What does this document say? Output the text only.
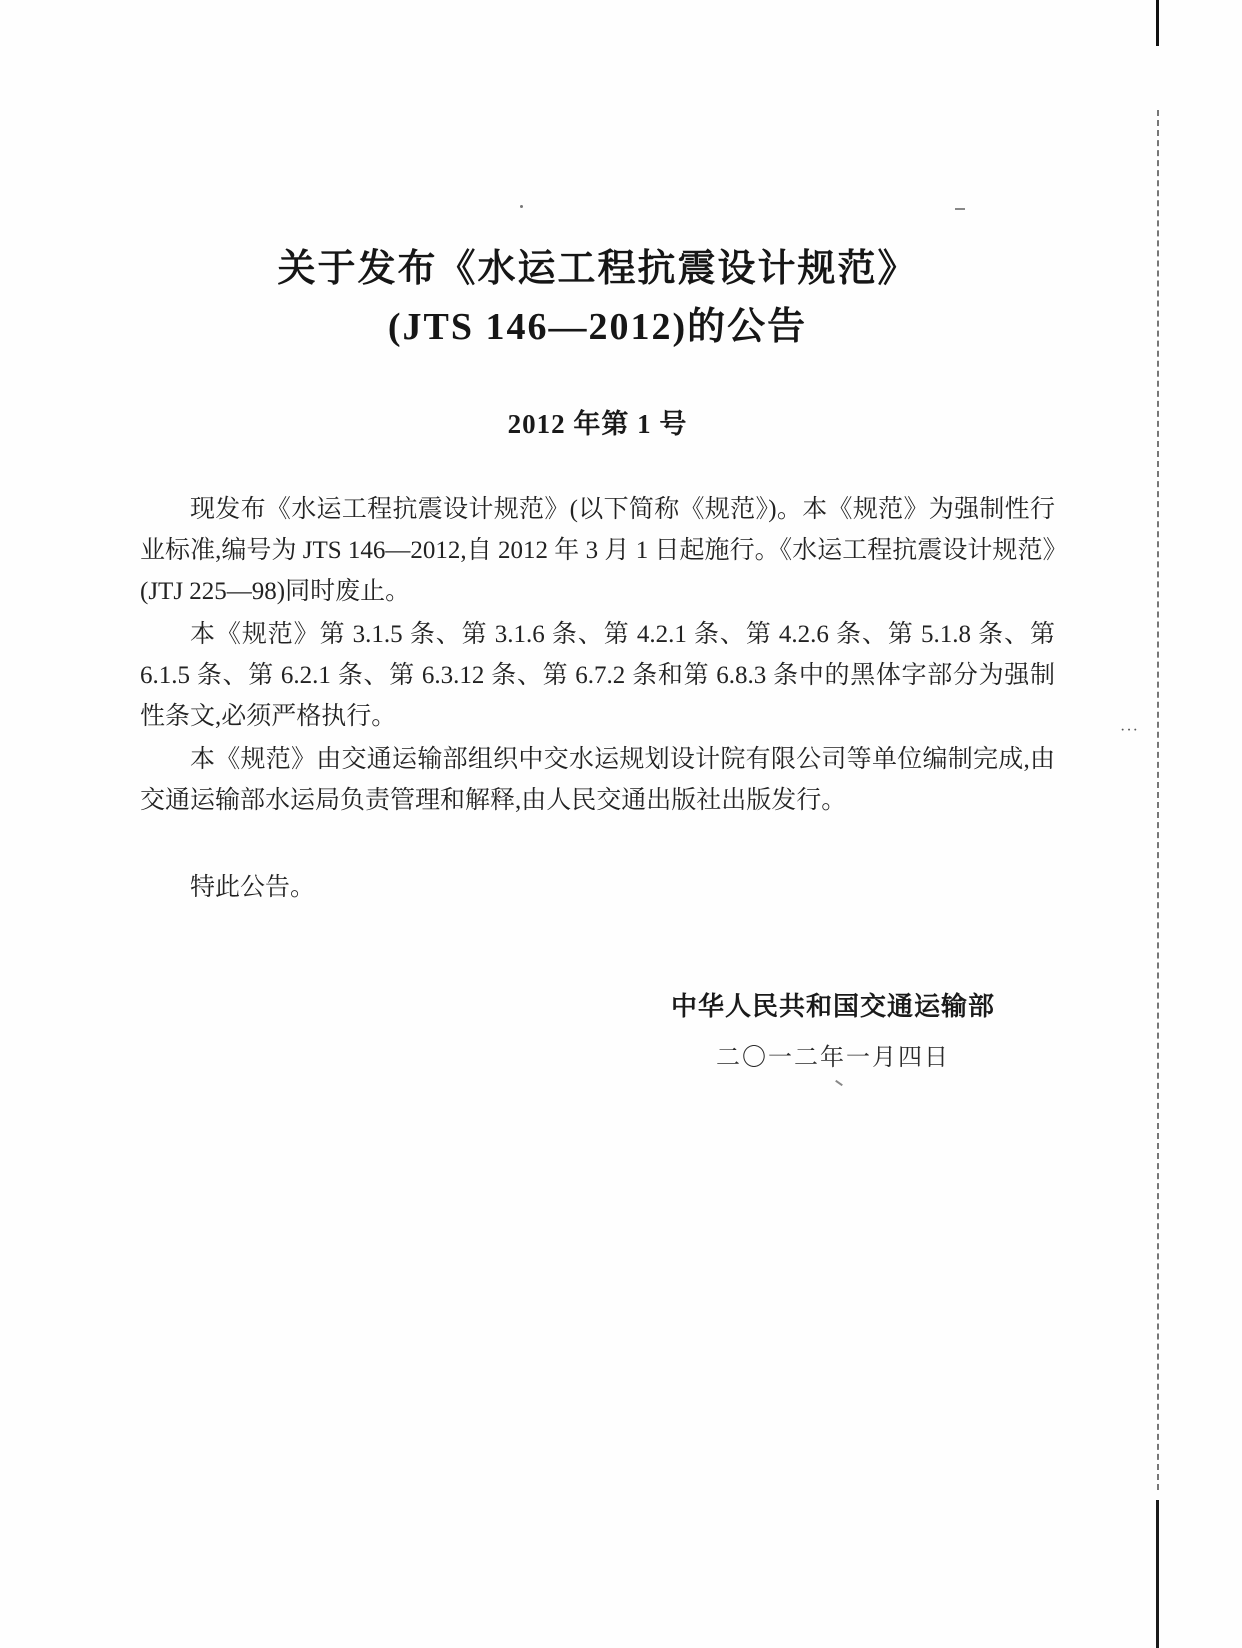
关于发布《水运工程抗震设计规范》
(JTS 146—2012)的公告
2012 年第 1 号

现发布《水运工程抗震设计规范》(以下简称《规范》)。本《规范》为强制性行业标准,编号为 JTS 146—2012,自 2012 年 3 月 1 日起施行。《水运工程抗震设计规范》(JTJ 225—98)同时废止。

本《规范》第 3.1.5 条、第 3.1.6 条、第 4.2.1 条、第 4.2.6 条、第 5.1.8 条、第 6.1.5 条、第 6.2.1 条、第 6.3.12 条、第 6.7.2 条和第 6.8.3 条中的黑体字部分为强制性条文,必须严格执行。

本《规范》由交通运输部组织中交水运规划设计院有限公司等单位编制完成,由交通运输部水运局负责管理和解释,由人民交通出版社出版发行。

特此公告。

中华人民共和国交通运输部
二〇一二年一月四日
···
